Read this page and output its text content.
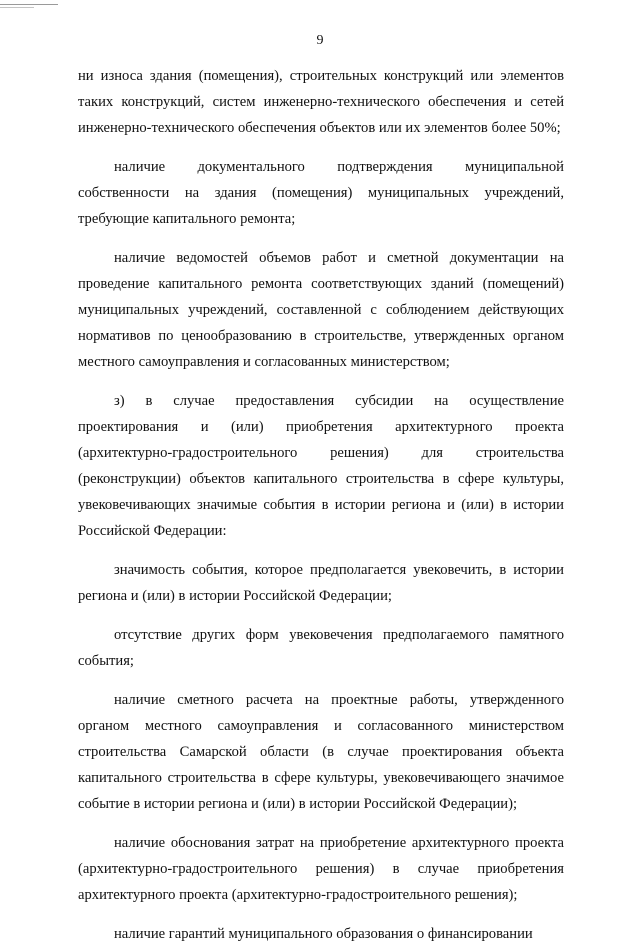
9

ни износа здания (помещения), строительных конструкций или элементов таких конструкций, систем инженерно-технического обеспечения и сетей инженерно-технического обеспечения объектов или их элементов более 50%;

наличие документального подтверждения муниципальной собственности на здания (помещения) муниципальных учреждений, требующие капитального ремонта;

наличие ведомостей объемов работ и сметной документации на проведение капитального ремонта соответствующих зданий (помещений) муниципальных учреждений, составленной с соблюдением действующих нормативов по ценообразованию в строительстве, утвержденных органом местного самоуправления и согласованных министерством;

з) в случае предоставления субсидии на осуществление проектирования и (или) приобретения архитектурного проекта (архитектурно-градостроительного решения) для строительства (реконструкции) объектов капитального строительства в сфере культуры, увековечивающих значимые события в истории региона и (или) в истории Российской Федерации:

значимость события, которое предполагается увековечить, в истории региона и (или) в истории Российской Федерации;

отсутствие других форм увековечения предполагаемого памятного события;

наличие сметного расчета на проектные работы, утвержденного органом местного самоуправления и согласованного министерством строительства Самарской области (в случае проектирования объекта капитального строительства в сфере культуры, увековечивающего значимое событие в истории региона и (или) в истории Российской Федерации);

наличие обоснования затрат на приобретение архитектурного проекта (архитектурно-градостроительного решения) в случае приобретения архитектурного проекта (архитектурно-градостроительного решения);

наличие гарантий муниципального образования о финансировании
